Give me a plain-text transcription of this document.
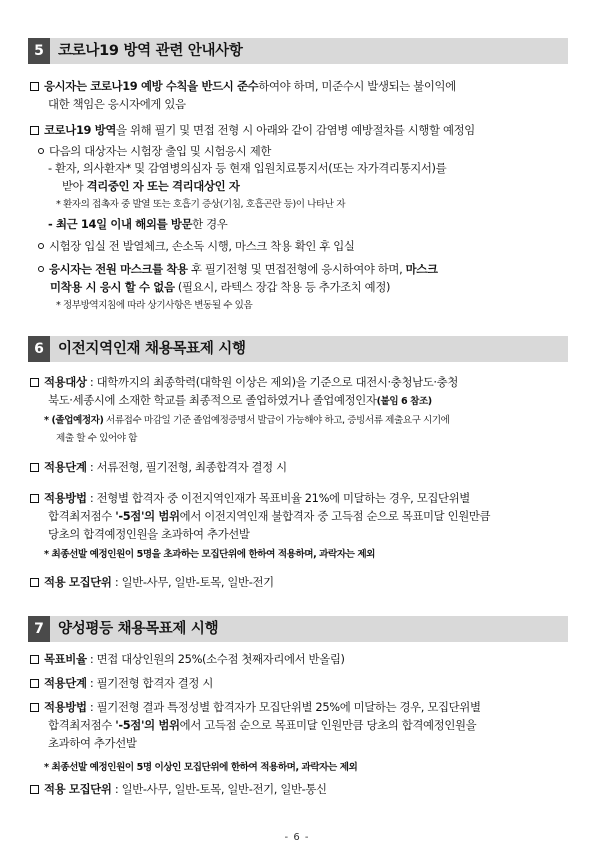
5 코로나19 방역 관련 안내사항
응시자는 코로나19 예방 수칙을 반드시 준수하여야 하며, 미준수시 발생되는 불이익에
대한 책임은 응시자에게 있음
코로나19 방역을 위해 필기 및 면접 전형 시 아래와 같이 감염병 예방절차를 시행할 예정임
다음의 대상자는 시험장 출입 및 시험응시 제한
- 환자, 의사환자* 및 감염병의심자 등 현재 입원치료통지서(또는 자가격리통지서)를
받아 격리중인 자 또는 격리대상인 자
* 환자의 접촉자 중 발열 또는 호흡기 증상(기침, 호흡곤란 등)이 나타난 자
- 최근 14일 이내 해외를 방문한 경우
시험장 입실 전 발열체크, 손소독 시행, 마스크 착용 확인 후 입실
응시자는 전원 마스크를 착용 후 필기전형 및 면접전형에 응시하여야 하며, 마스크
미착용 시 응시 할 수 없음 (필요시, 라텍스 장갑 착용 등 추가조치 예정)
* 정부방역지침에 따라 상기사항은 변동될 수 있음
6 이전지역인재 채용목표제 시행
적용대상 : 대학까지의 최종학력(대학원 이상은 제외)을 기준으로 대전시·충청남도·충청
북도·세종시에 소재한 학교를 최종적으로 졸업하였거나 졸업예정인자(붙임 6 참조)
* (졸업예정자) 서류접수 마감일 기준 졸업예정증명서 발급이 가능해야 하고, 증빙서류 제출요구 시기에
제출 할 수 있어야 함
적용단계 : 서류전형, 필기전형, 최종합격자 결정 시
적용방법 : 전형별 합격자 중 이전지역인재가 목표비율 21%에 미달하는 경우, 모집단위별
합격최저점수 '-5점'의 범위에서 이전지역인재 불합격자 중 고득점 순으로 목표미달 인원만큼
당초의 합격예정인원을 초과하여 추가선발
* 최종선발 예정인원이 5명을 초과하는 모집단위에 한하여 적용하며, 과락자는 제외
적용 모집단위 : 일반-사무, 일반-토목, 일반-전기
7 양성평등 채용목표제 시행
목표비율 : 면접 대상인원의 25%(소수점 첫째자리에서 반올림)
적용단계 : 필기전형 합격자 결정 시
적용방법 : 필기전형 결과 특정성별 합격자가 모집단위별 25%에 미달하는 경우, 모집단위별
합격최저점수 '-5점'의 범위에서 고득점 순으로 목표미달 인원만큼 당초의 합격예정인원을
초과하여 추가선발
* 최종선발 예정인원이 5명 이상인 모집단위에 한하여 적용하며, 과락자는 제외
적용 모집단위 : 일반-사무, 일반-토목, 일반-전기, 일반-통신
- 6 -
